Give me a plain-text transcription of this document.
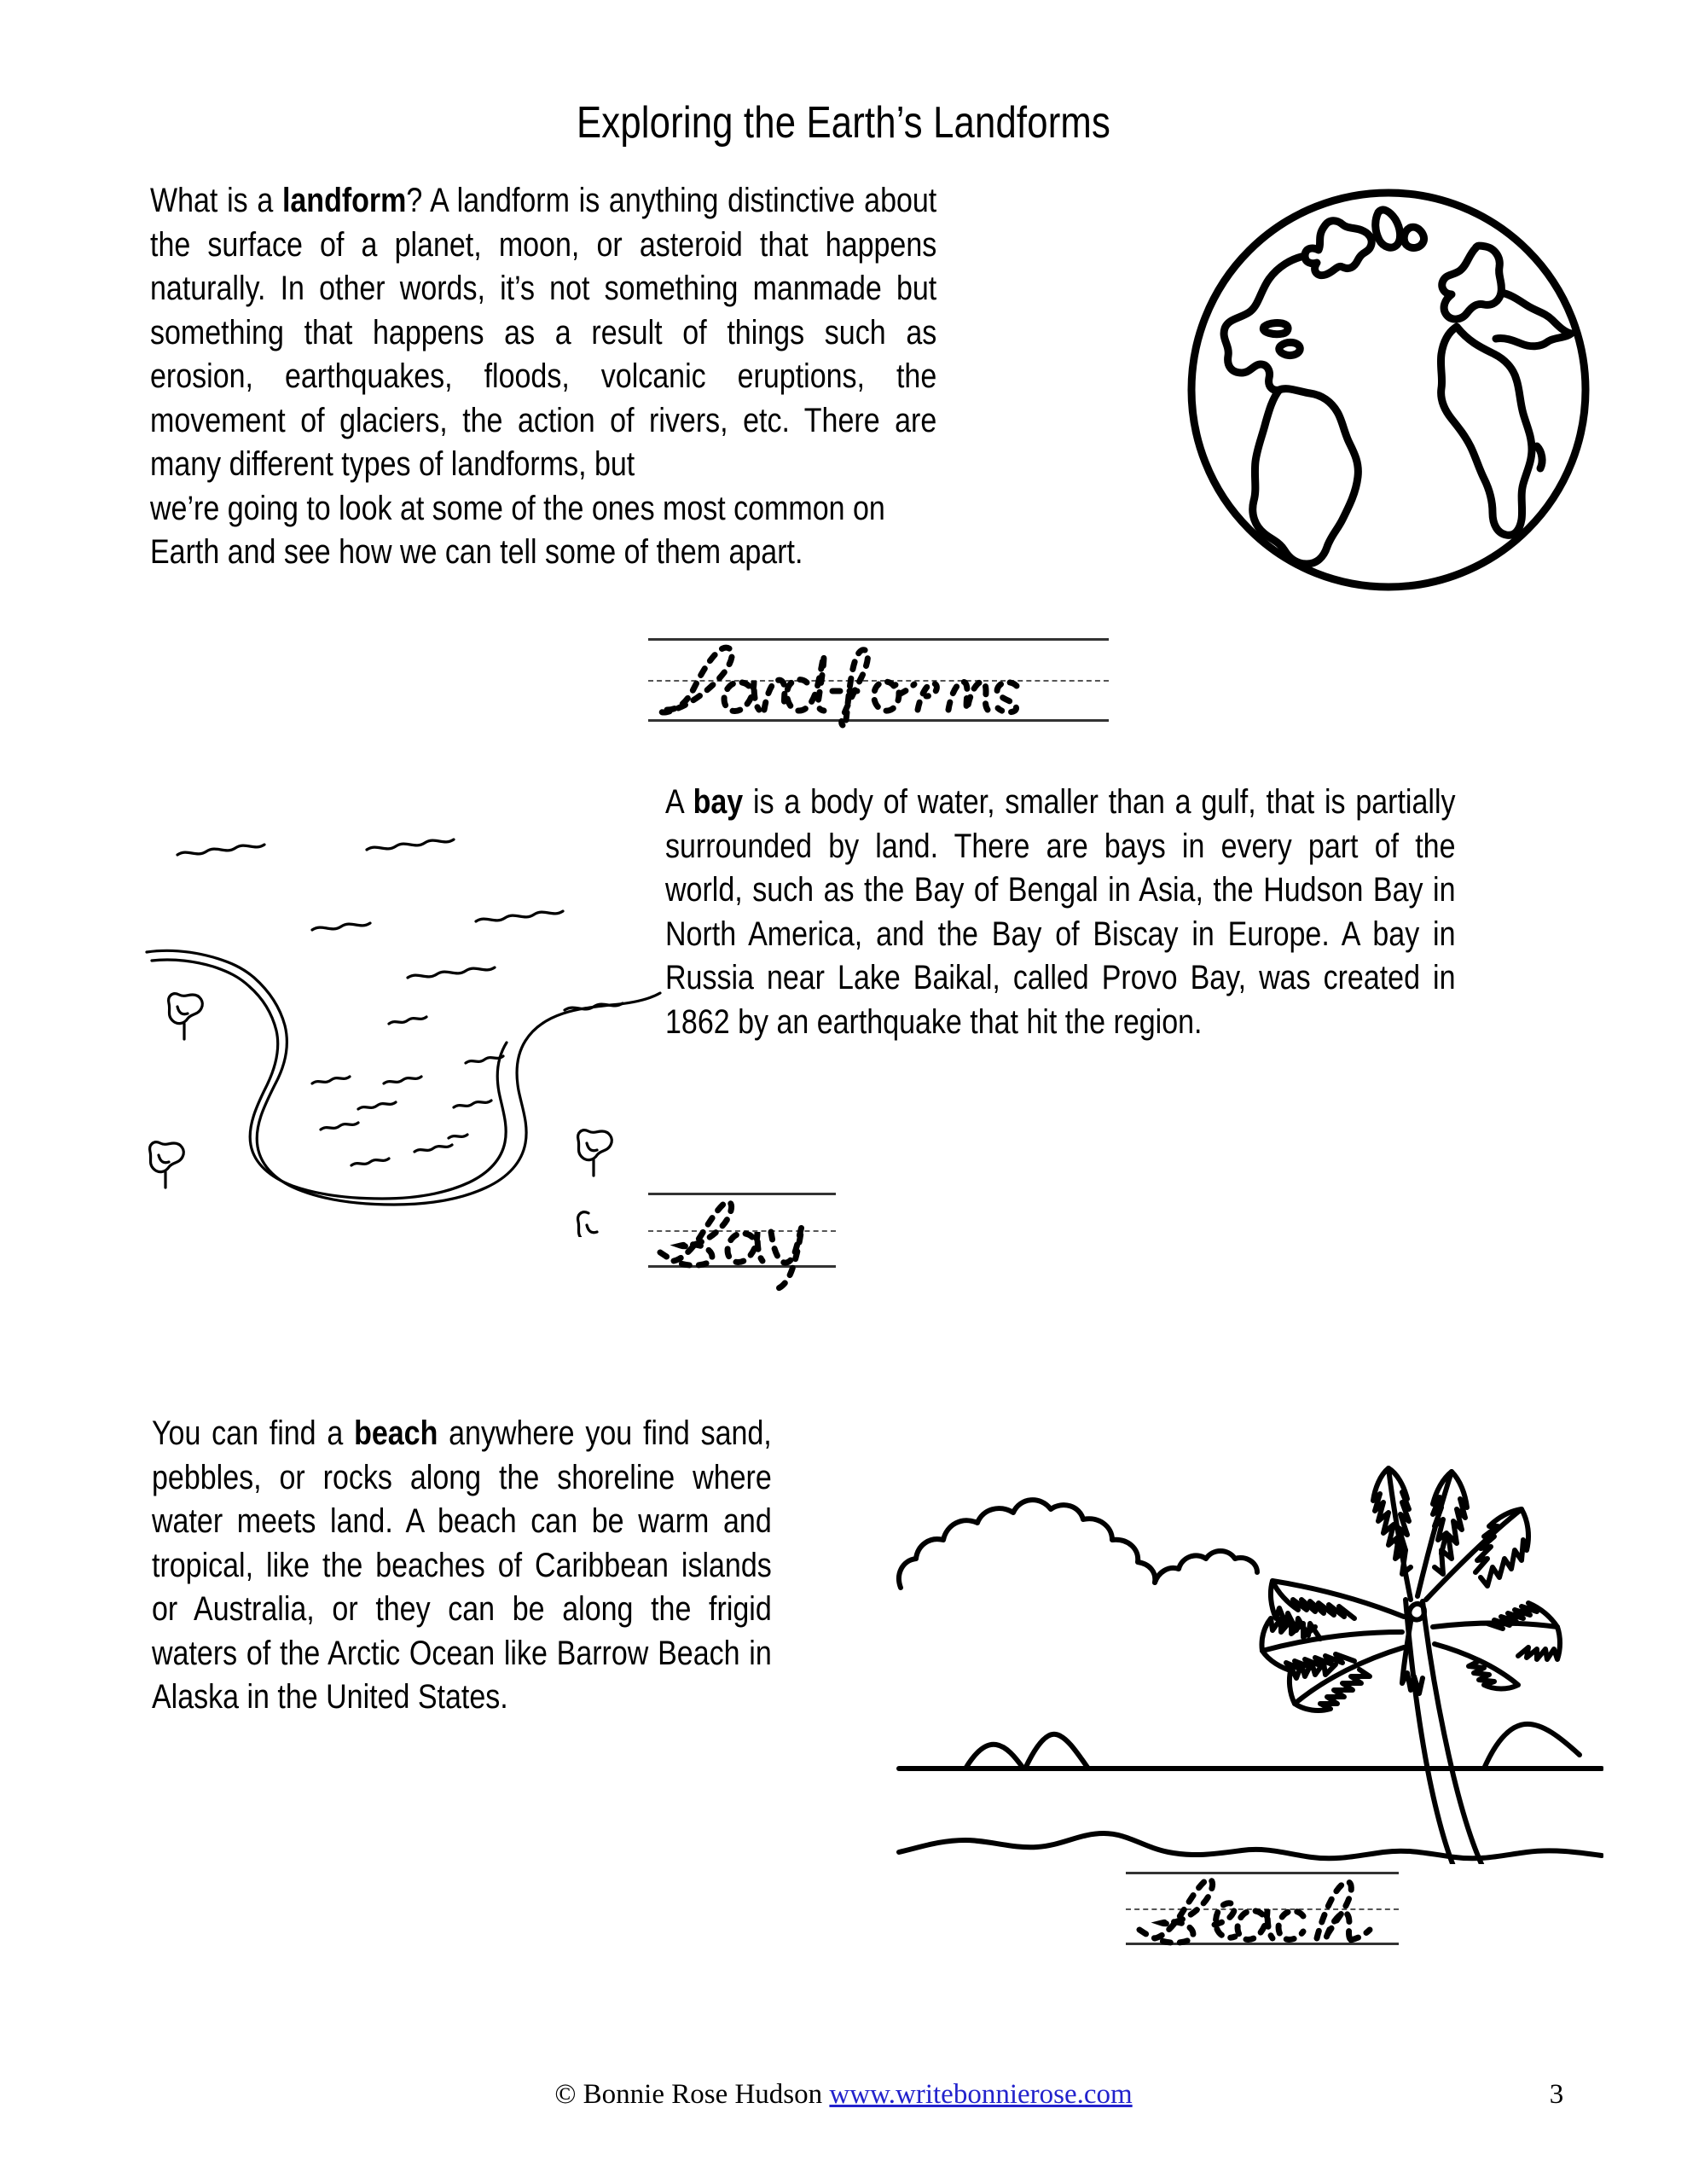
Exploring the Earth’s Landforms
What is a landform? A landform is anything distinctive about the surface of a planet, moon, or asteroid that happens naturally. In other words, it’s not something manmade but something that happens as a result of things such as erosion, earthquakes, floods, volcanic eruptions, the movement of glaciers, the action of rivers, etc. There are many different types of landforms, but
we’re going to look at some of the ones most common on Earth and see how we can tell some of them apart.
A bay is a body of water, smaller than a gulf, that is partially surrounded by land. There are bays in every part of the world, such as the Bay of Bengal in Asia, the Hudson Bay in North America, and the Bay of Biscay in Europe. A bay in Russia near Lake Baikal, called Provo Bay, was created in 1862 by an earthquake that hit the region.
You can find a beach anywhere you find sand, pebbles, or rocks along the shoreline where water meets land. A beach can be warm and tropical, like the beaches of Caribbean islands or Australia, or they can be along the frigid waters of the Arctic Ocean like Barrow Beach in Alaska in the United States.
© Bonnie Rose Hudson www.writebonnierose.com	3
